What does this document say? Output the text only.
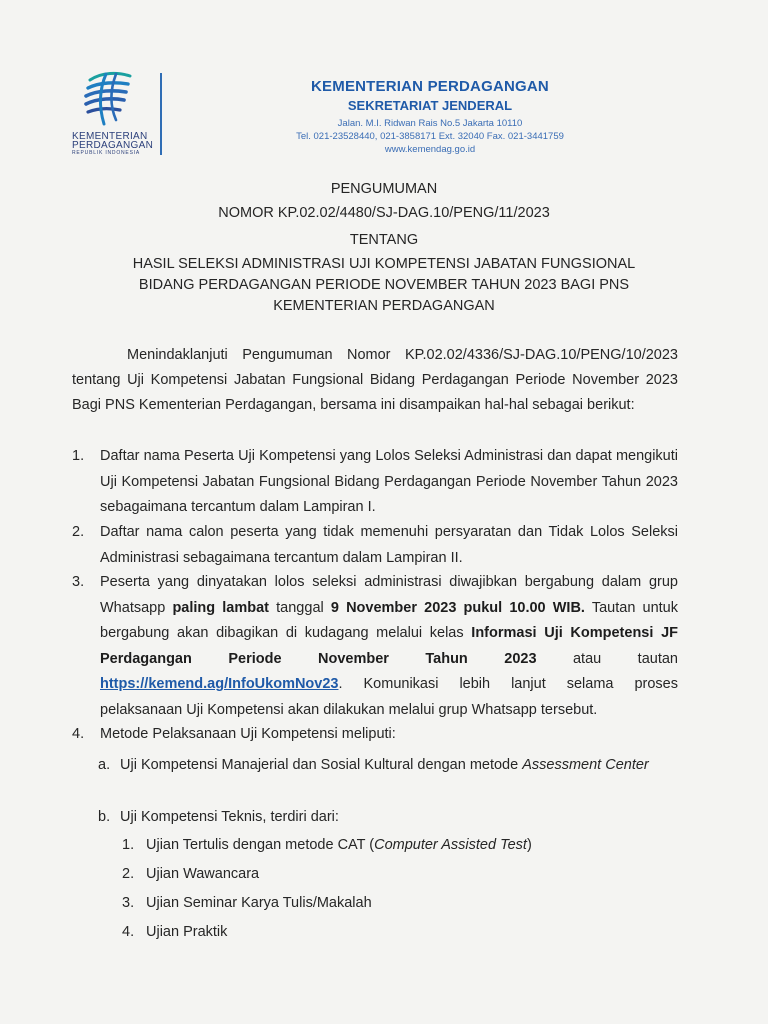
KEMENTERIAN
PERDAGANGAN
REPUBLIK INDONESIA
KEMENTERIAN PERDAGANGAN
SEKRETARIAT JENDERAL
Jalan. M.I. Ridwan Rais No.5 Jakarta 10110
Tel. 021-23528440, 021-3858171 Ext. 32040 Fax. 021-3441759
www.kemendag.go.id
PENGUMUMAN
NOMOR KP.02.02/4480/SJ-DAG.10/PENG/11/2023
TENTANG
HASIL SELEKSI ADMINISTRASI UJI KOMPETENSI JABATAN FUNGSIONAL
BIDANG PERDAGANGAN PERIODE NOVEMBER TAHUN 2023 BAGI PNS
KEMENTERIAN PERDAGANGAN
Menindaklanjuti Pengumuman Nomor KP.02.02/4336/SJ-DAG.10/PENG/10/2023 tentang Uji Kompetensi Jabatan Fungsional Bidang Perdagangan Periode November 2023 Bagi PNS Kementerian Perdagangan, bersama ini disampaikan hal-hal sebagai berikut:
1. Daftar nama Peserta Uji Kompetensi yang Lolos Seleksi Administrasi dan dapat mengikuti Uji Kompetensi Jabatan Fungsional Bidang Perdagangan Periode November Tahun 2023 sebagaimana tercantum dalam Lampiran I.
2. Daftar nama calon peserta yang tidak memenuhi persyaratan dan Tidak Lolos Seleksi Administrasi sebagaimana tercantum dalam Lampiran II.
3. Peserta yang dinyatakan lolos seleksi administrasi diwajibkan bergabung dalam grup Whatsapp paling lambat tanggal 9 November 2023 pukul 10.00 WIB. Tautan untuk bergabung akan dibagikan di kudagang melalui kelas Informasi Uji Kompetensi JF Perdagangan Periode November Tahun 2023 atau tautan https://kemend.ag/InfoUkomNov23. Komunikasi lebih lanjut selama proses pelaksanaan Uji Kompetensi akan dilakukan melalui grup Whatsapp tersebut.
4. Metode Pelaksanaan Uji Kompetensi meliputi:
a. Uji Kompetensi Manajerial dan Sosial Kultural dengan metode Assessment Center
b. Uji Kompetensi Teknis, terdiri dari:
1. Ujian Tertulis dengan metode CAT (Computer Assisted Test)
2. Ujian Wawancara
3. Ujian Seminar Karya Tulis/Makalah
4. Ujian Praktik
